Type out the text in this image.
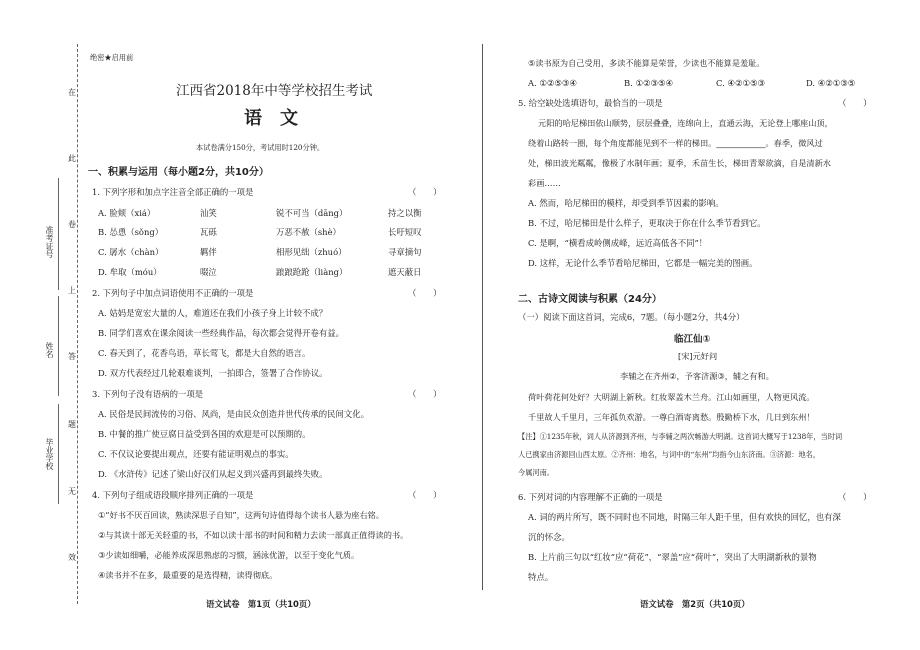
在
此
卷
上
答
题
无
效
准考证号
姓名
毕业学校
绝密★启用前
江西省2018年中等学校招生考试
语　文
本试卷满分150分，考试用时120分钟。
一、积累与运用（每小题2分，共10分）
1. 下列字形和加点字注音全部正确的一项是	（　　）
A. 脸颊（xiá）	汕笑	锐不可当（dāng）	持之以衡
B. 怂恿（sǒng）	瓦砾	万恶不赦（shè）	长吁短叹
C. 孱水（chàn）	羁伴	相形见绌（zhuó）	寻章摘句
D. 牟取（móu）	啜泣	踉踉跄跄（liàng）	遮天蔽日
2. 下列句子中加点词语使用不正确的一项是	（　　）
A. 姑妈是宽宏大量的人，难道还在我们小孩子身上计较不成？
B. 同学们喜欢在课余阅读一些经典作品，每次都会觉得开卷有益。
C. 春天到了，花香鸟语，草长莺飞，都是大自然的语言。
D. 双方代表经过几轮艰难谈判，一拍即合，签署了合作协议。
3. 下列句子没有语病的一项是	（　　）
A. 民俗是民间流传的习俗、风尚，是由民众创造并世代传承的民间文化。
B. 中餐的推广使豆腐日益受到各国的欢迎是可以预期的。
C. 不仅议论要提出观点，还要有能证明观点的事实。
D. 《水浒传》记述了梁山好汉们从起义到兴盛再到最终失败。
4. 下列句子组成语段顺序排列正确的一项是	（　　）
①“好书不厌百回读，熟读深思子自知”，这两句诗值得每个读书人悬为座右铭。
②与其读十部无关轻重的书，不如以读十部书的时间和精力去读一部真正值得读的书。
③少读如细嚼，必能养成深思熟虑的习惯，涵泳优游，以至于变化气质。
④读书并不在多，最重要的是选得精，读得彻底。
语文试卷　第1页（共10页）
⑤读书原为自己受用，多读不能算是荣誉，少读也不能算是羞耻。
A. ①②⑤③④	B. ①②③⑤④	C. ④②①⑤③	D. ④②①③⑤
5. 给空缺处选填语句，最恰当的一项是	（　　）
元阳的哈尼梯田依山顺势，层层叠叠，连绵向上，直通云海，无论登上哪座山顶，
绕着山路转一圈，每个角度都能见到不一样的梯田。____________。春季，微风过
处，梯田波光粼粼，像极了水制年画；夏季，禾苗生长，梯田青翠欲滴，自是清新水
彩画……
A. 然而，哈尼梯田的模样，却受到季节因素的影响。
B. 不过，哈尼梯田是什么样子，更取决于你在什么季节看到它。
C. 是啊，“横看成岭侧成峰，远近高低各不同”！
D. 这样，无论什么季节看哈尼梯田，它都是一幅完美的图画。
二、古诗文阅读与积累（24分）
（一）阅读下面这首词，完成6，7题。（每小题2分，共4分）
临江仙①
[宋]元好问
李辅之在齐州②，予客济源③，辅之有和。
荷叶荷花何处好？大明湖上新秋。红妆翠盖木兰舟。江山如画里，人物更风流。
千里故人千里月，三年孤负欢游。一尊白酒寄离愁。殷勤桥下水，几日到东州！
【注】①1235年秋，词人从济源到齐州，与李辅之两次畅游大明湖。这首词大概写于1238年，当时词
人已携家由济源回山西太原。②齐州：地名，与词中的“东州”均指今山东济南。③济源：地名，
今属河南。
6. 下列对词的内容理解不正确的一项是	（　　）
A. 词的两片所写，既不同时也不同地，时隔三年人距千里，但有欢快的回忆，也有深
沉的怀念。
B. 上片前三句以“红妆”应“荷花”，“翠盖”应“荷叶”，突出了大明湖新秋的景物
特点。
语文试卷　第2页（共10页）
